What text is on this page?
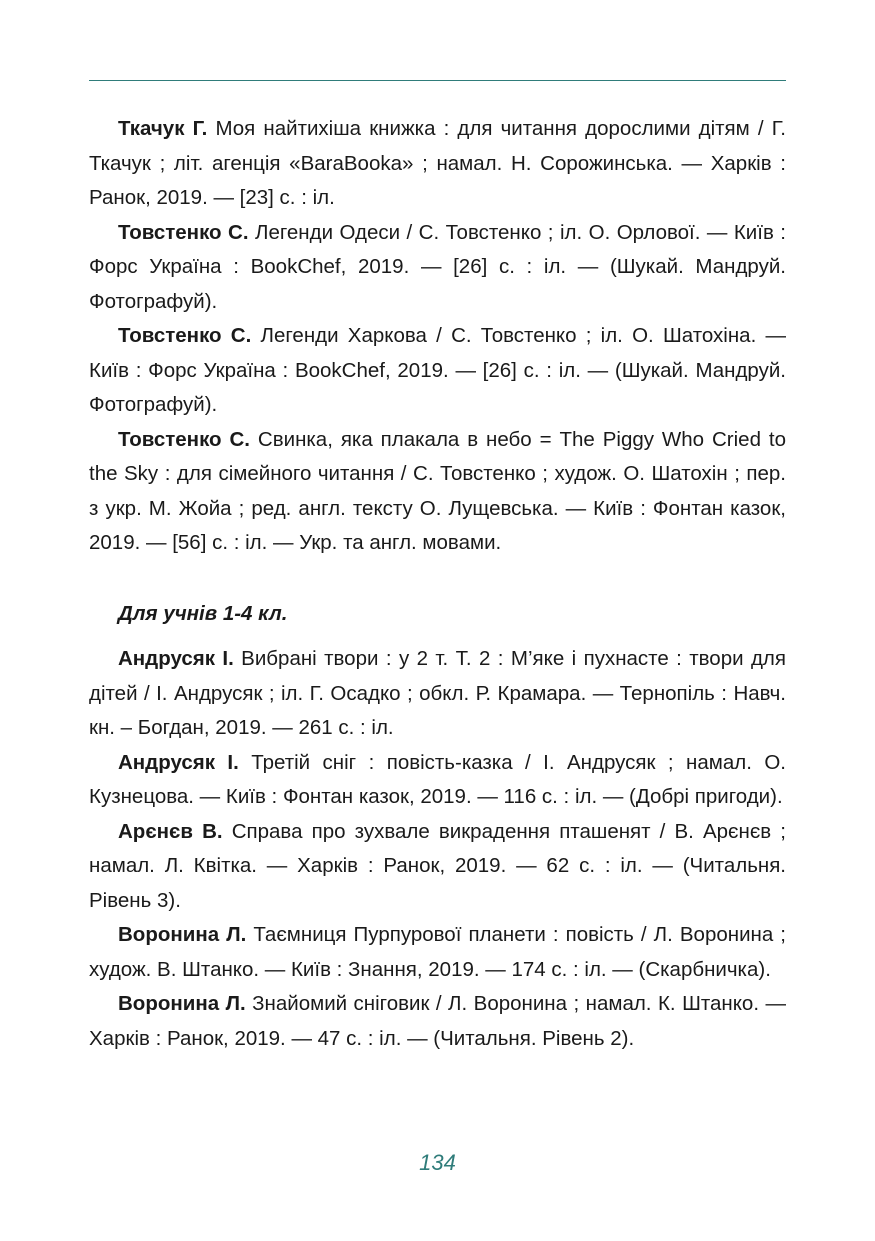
Ткачук Г. Моя найтихіша книжка : для читання дорослими дітям / Г. Ткачук ; літ. агенція «BaraBooka» ; намал. Н. Сорожинська. — Харків : Ранок, 2019. — [23] с. : іл.

Товстенко С. Легенди Одеси / С. Товстенко ; іл. О. Орлової. — Київ : Форс Україна : BookChef, 2019. — [26] с. : іл. — (Шукай. Мандруй. Фотографуй).

Товстенко С. Легенди Харкова / С. Товстенко ; іл. О. Шатохіна. — Київ : Форс Україна : BookChef, 2019. — [26] с. : іл. — (Шукай. Мандруй. Фотографуй).

Товстенко С. Свинка, яка плакала в небо = The Piggy Who Cried to the Sky : для сімейного читання / С. Товстенко ; худож. О. Шатохін ; пер. з укр. М. Жойа ; ред. англ. тексту О. Лущевська. — Київ : Фонтан казок, 2019. — [56] с. : іл. — Укр. та англ. мовами.

Для учнів 1-4 кл.

Андрусяк І. Вибрані твори : у 2 т. Т. 2 : М’яке і пухнасте : твори для дітей / І. Андрусяк ; іл. Г. Осадко ; обкл. Р. Крамара. — Тернопіль : Навч. кн. – Богдан, 2019. — 261 с. : іл.

Андрусяк І. Третій сніг : повість-казка / І. Андрусяк ; намал. О. Кузнецова. — Київ : Фонтан казок, 2019. — 116 с. : іл. — (Добрі пригоди).

Арєнєв В. Справа про зухвале викрадення пташенят / В. Арєнєв ; намал. Л. Квітка. — Харків : Ранок, 2019. — 62 с. : іл. — (Читальня. Рівень 3).

Воронина Л. Таємниця Пурпурової планети : повість / Л. Воронина ; худож. В. Штанко. — Київ : Знання, 2019. — 174 с. : іл. — (Скарбничка).

Воронина Л. Знайомий сніговик / Л. Воронина ; намал. К. Штанко. — Харків : Ранок, 2019. — 47 с. : іл. — (Читальня. Рівень 2).

134
